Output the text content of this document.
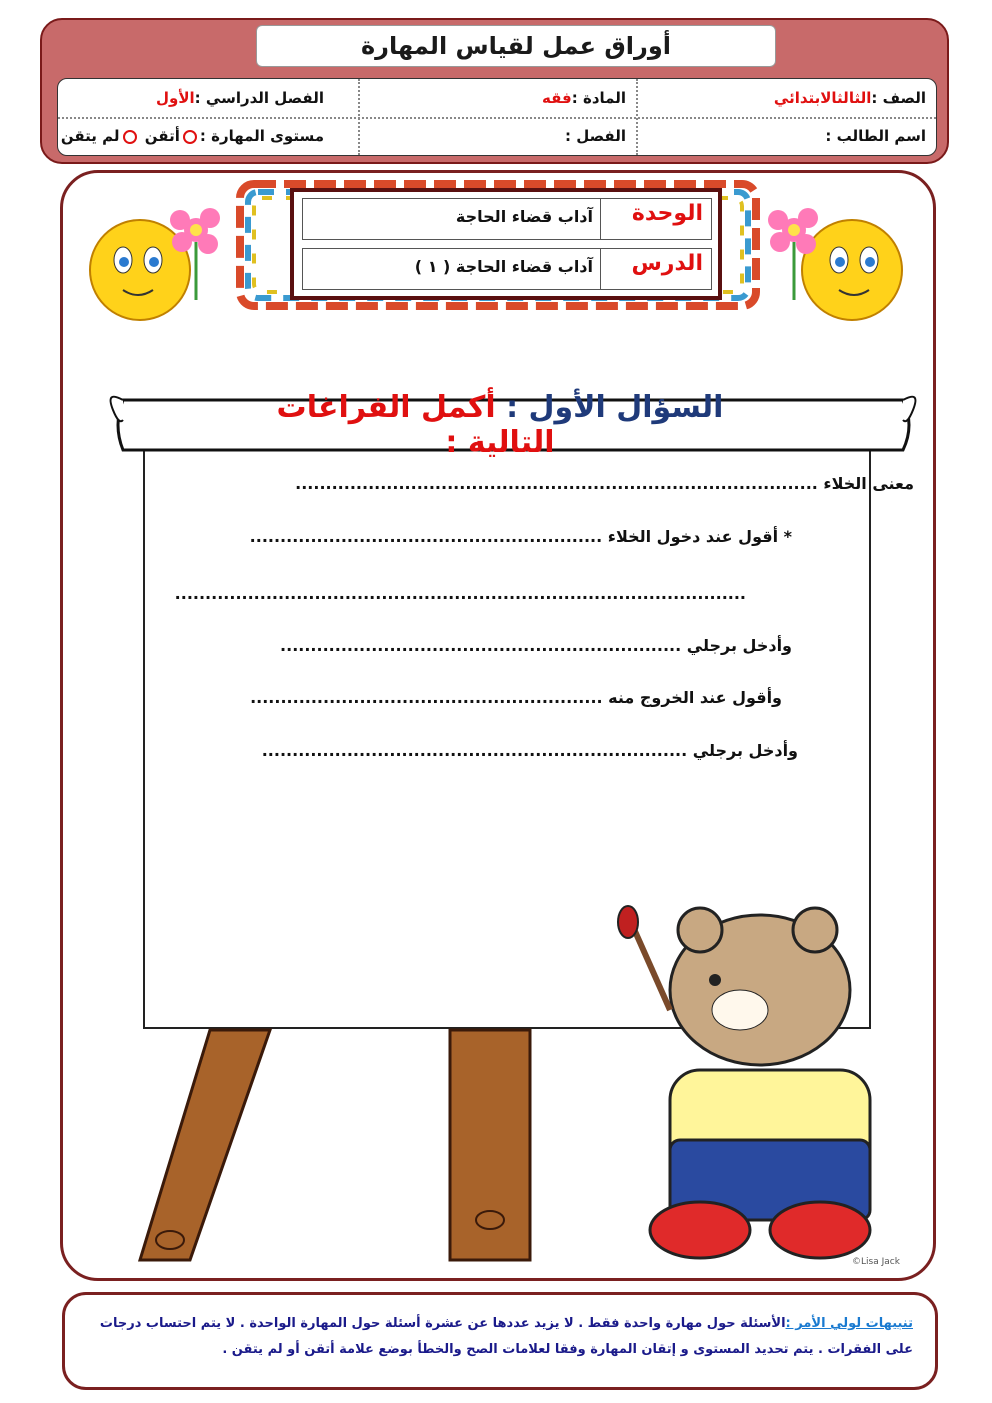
أوراق عمل لقياس المهارة
الصف :الثالثالابتدائي
المادة :فقه
الفصل الدراسي :الأول
اسم الطالب :
الفصل :
مستوى المهارة :أتقن لم يتقن
الوحدة
آداب قضاء الحاجة
الدرس
آداب قضاء الحاجة ( ١ )
السؤال الأول : أكمل الفراغات التالية :
معنى الخلاء ......................................................................................
* أقول عند دخول الخلاء ..........................................................
..............................................................................................
وأدخل برجلي ..................................................................
وأقول عند الخروج منه ..........................................................
وأدخل برجلي ......................................................................
©Lisa Jack
تنبيهات لولي الأمر :الأسئلة حول مهارة واحدة فقط . لا يزيد عددها عن عشرة أسئلة حول المهارة الواحدة . لا يتم احتساب درجات على الفقرات . يتم تحديد المستوى و إتقان المهارة وفقا لعلامات الصح والخطأ بوضع علامة أتقن أو لم يتقن .
